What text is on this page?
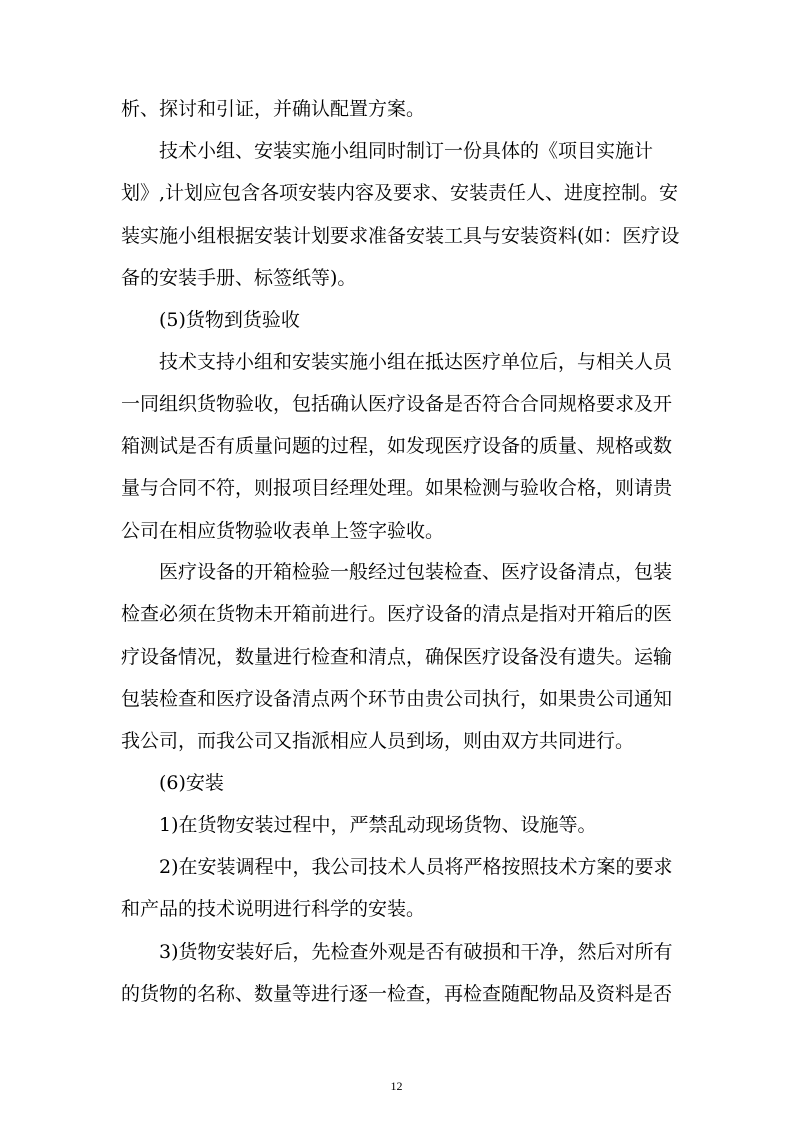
析、探讨和引证，并确认配置方案。
技术小组、安装实施小组同时制订一份具体的《项目实施计
划》,计划应包含各项安装内容及要求、安装责任人、进度控制。安
装实施小组根据安装计划要求准备安装工具与安装资料(如：医疗设
备的安装手册、标签纸等)。
(5)货物到货验收
技术支持小组和安装实施小组在抵达医疗单位后，与相关人员
一同组织货物验收，包括确认医疗设备是否符合合同规格要求及开
箱测试是否有质量问题的过程，如发现医疗设备的质量、规格或数
量与合同不符，则报项目经理处理。如果检测与验收合格，则请贵
公司在相应货物验收表单上签字验收。
医疗设备的开箱检验一般经过包装检查、医疗设备清点，包装
检查必须在货物未开箱前进行。医疗设备的清点是指对开箱后的医
疗设备情况，数量进行检查和清点，确保医疗设备没有遗失。运输
包装检查和医疗设备清点两个环节由贵公司执行，如果贵公司通知
我公司，而我公司又指派相应人员到场，则由双方共同进行。
(6)安装
1)在货物安装过程中，严禁乱动现场货物、设施等。
2)在安装调程中，我公司技术人员将严格按照技术方案的要求
和产品的技术说明进行科学的安装。
3)货物安装好后，先检查外观是否有破损和干净，然后对所有
的货物的名称、数量等进行逐一检查，再检查随配物品及资料是否
12
